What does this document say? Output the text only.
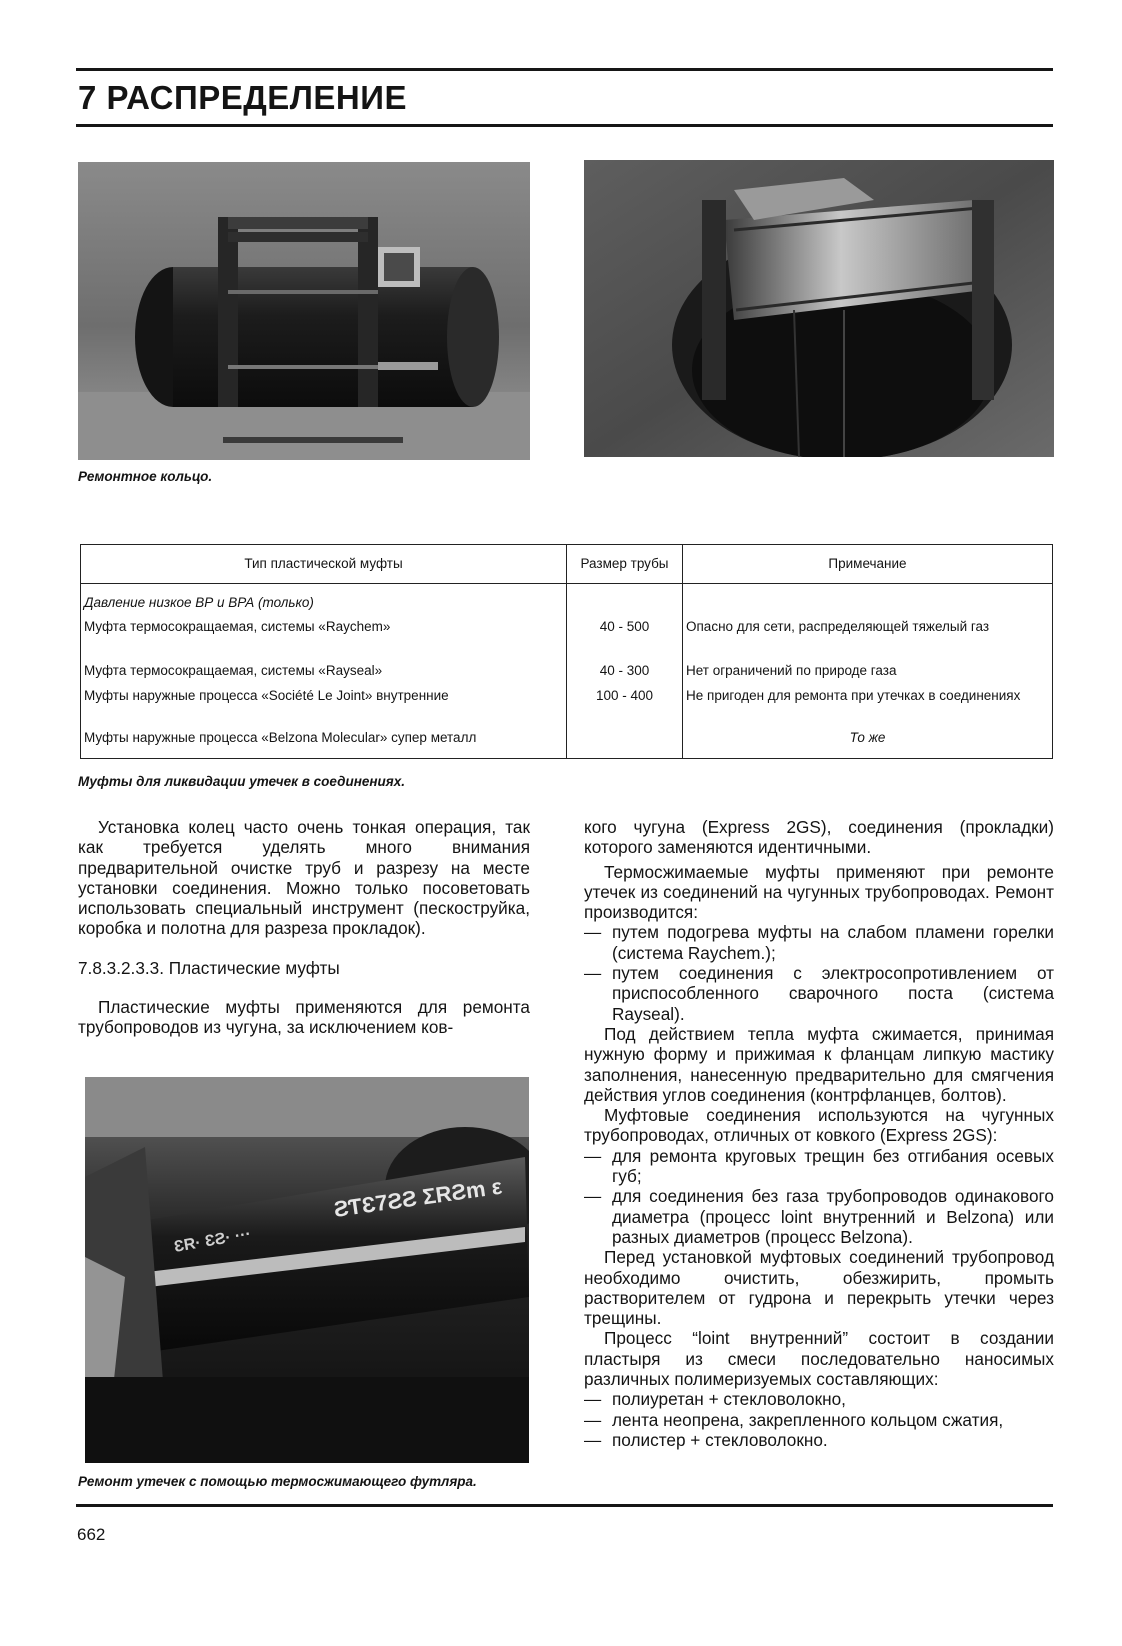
7 РАСПРЕДЕЛЕНИЕ
Ремонтное кольцо.
Тип пластической муфты	Размер трубы	Примечание
Давление низкое ВР и ВРА (только)		
Муфта термосокращаемая, системы «Raychem»	40 - 500	Опасно для сети, распределяющей тяжелый газ
Муфта термосокращаемая, системы «Rayseal»	40 - 300	Нет ограничений по природе газа
Муфты наружные процесса «Société Le Joint» внутренние	100 - 400	Не пригоден для ремонта при утечках в соединениях
Муфты наружные процесса «Belzona Molecular» супер металл		То же
Муфты для ликвидации утечек в соединениях.

Установка колец часто очень тонкая операция, так как требуется уделять много внимания предварительной очистке труб и разрезу на месте установки соединения. Можно только посоветовать использовать специальный инструмент (пескоструйка, коробка и полотна для разреза прокладок).

7.8.3.2.3.3. Пластические муфты

Пластические муфты применяются для ремонта трубопроводов из чугуна, за исключением ков-

ƧƬƐ7ƧƧ ƩRƧm ε
ƐR· ƐƧ· ···
Ремонт утечек с помощью термосжимающего футляра.

кого чугуна (Express 2GS), соединения (прокладки) которого заменяются идентичными.

Термосжимаемые муфты применяют при ремонте утечек из соединений на чугунных трубопроводах. Ремонт производится:

— путем подогрева муфты на слабом пламени горелки (система Raychem.);
— путем соединения с электросопротивлением от приспособленного сварочного поста (система Rayseal).

Под действием тепла муфта сжимается, принимая нужную форму и прижимая к фланцам липкую мастику заполнения, нанесенную предварительно для смягчения действия углов соединения (контрфланцев, болтов).

Муфтовые соединения используются на чугунных трубопроводах, отличных от ковкого (Express 2GS):

— для ремонта круговых трещин без отгибания осевых губ;
— для соединения без газа трубопроводов одинакового диаметра (процесс loint внутренний и Belzona) или разных диаметров (процесс Belzona).

Перед установкой муфтовых соединений трубопровод необходимо очистить, обезжирить, промыть растворителем от гудрона и перекрыть утечки через трещины.

Процесс “loint внутренний” состоит в создании пластыря из смеси последовательно наносимых различных полимеризуемых составляющих:

— полиуретан + стекловолокно,
— лента неопрена, закрепленного кольцом сжатия,
— полистер + стекловолокно.
662
